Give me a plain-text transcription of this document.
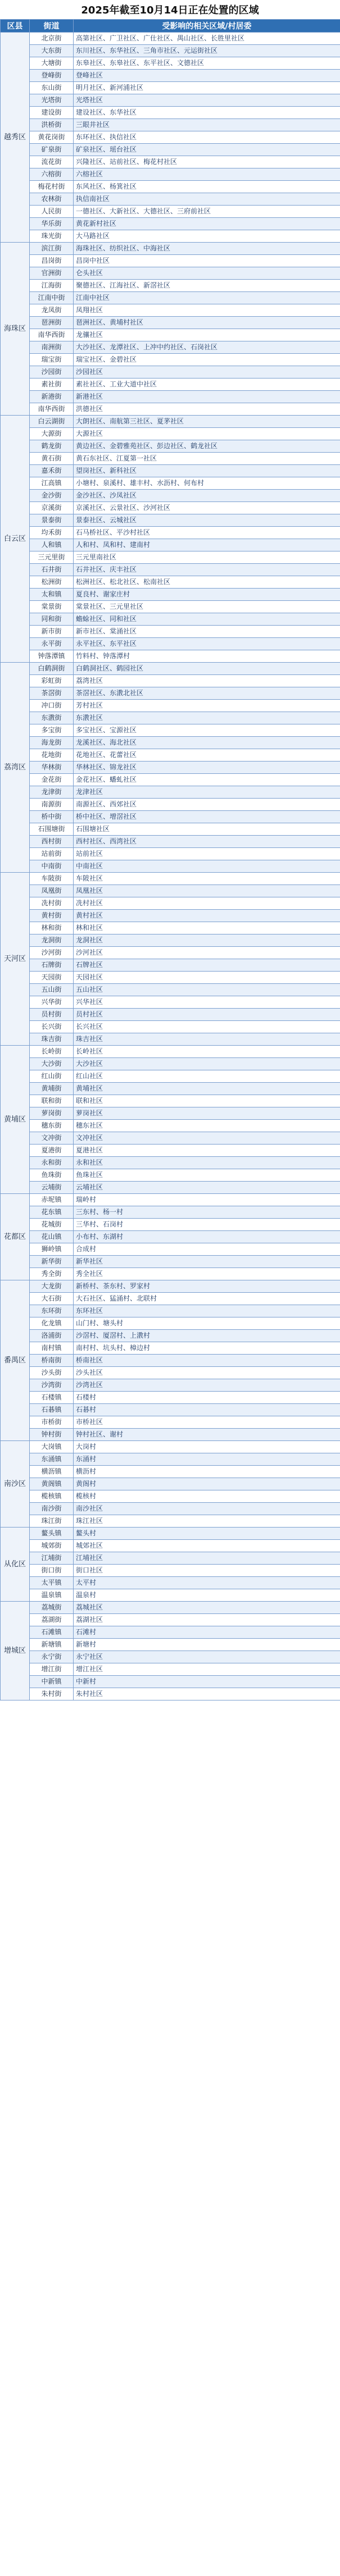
2025年截至10月14日正在处置的区域
区县	街道	受影响的相关区域/村居委
越秀区	北京街	高第社区、广卫社区、广仕社区、禺山社区、长胜里社区
	大东街	东川社区、东华社区、三角市社区、元运街社区
	大塘街	东皋社区、东皋社区、东平社区、文德社区
	登峰街	登峰社区
	东山街	明月社区、新河浦社区
	光塔街	光塔社区
	建设街	建设社区、东华社区
	洪桥街	三眼井社区
	黄花岗街	东环社区、执信社区
	矿泉街	矿泉社区、瑶台社区
	流花街	兴隆社区、站前社区、梅花村社区
	六榕街	六榕社区
	梅花村街	东风社区、杨箕社区
	农林街	执信南社区
	人民街	一德社区、大新社区、大德社区、三府前社区
	华乐街	黄花新村社区
	珠光街	大马路社区
海珠区	滨江街	海珠社区、纺织社区、中海社区
	昌岗街	昌岗中社区
	官洲街	仑头社区
	江海街	聚德社区、江海社区、新滘社区
	江南中街	江南中社区
	龙凤街	凤翔社区
	琶洲街	琶洲社区、黄埔村社区
	南华西街	龙骧社区
	南洲街	大沙社区、龙潭社区、上冲中约社区、石岗社区
	瑞宝街	瑞宝社区、金碧社区
	沙园街	沙园社区
	素社街	素社社区、工业大道中社区
	新港街	新港社区
	南华西街	洪德社区
白云区	白云湖街	大朗社区、南航第三社区、夏茅社区
	大源街	大源社区
	鹤龙街	黄边社区、金碧雅苑社区、彭边社区、鹤龙社区
	黄石街	黄石东社区、江夏第一社区
	嘉禾街	望岗社区、新科社区
	江高镇	小塘村、泉溪村、雄丰村、水沥村、何布村
	金沙街	金沙社区、沙凤社区
	京溪街	京溪社区、云景社区、沙河社区
	景泰街	景泰社区、云城社区
	均禾街	石马桥社区、平沙村社区
	人和镇	人和村、凤和村、建南村
	三元里街	三元里南社区
	石井街	石井社区、庆丰社区
	松洲街	松洲社区、松北社区、松南社区
	太和镇	夏良村、谢家庄村
	棠景街	棠景社区、三元里社区
	同和街	蟾蜍社区、同和社区
	新市街	新市社区、棠涌社区
	永平街	永平社区、东平社区
	钟落潭镇	竹料村、钟落潭村
荔湾区	白鹤洞街	白鹤洞社区、鹤园社区
	彩虹街	荔湾社区
	茶滘街	茶滘社区、东漖北社区
	冲口街	芳村社区
	东漖街	东漖社区
	多宝街	多宝社区、宝源社区
	海龙街	龙溪社区、海北社区
	花地街	花地社区、花蕾社区
	华林街	华林社区、锦龙社区
	金花街	金花社区、蟠虬社区
	龙津街	龙津社区
	南源街	南源社区、西郊社区
	桥中街	桥中社区、增滘社区
	石围塘街	石围塘社区
	西村街	西村社区、西湾社区
	站前街	站前社区
	中南街	中南社区
天河区	车陂街	车陂社区
	凤凰街	凤凰社区
	冼村街	冼村社区
	黄村街	黄村社区
	林和街	林和社区
	龙洞街	龙洞社区
	沙河街	沙河社区
	石牌街	石牌社区
	天园街	天园社区
	五山街	五山社区
	兴华街	兴华社区
	员村街	员村社区
	长兴街	长兴社区
	珠吉街	珠吉社区
黄埔区	长岭街	长岭社区
	大沙街	大沙社区
	红山街	红山社区
	黄埔街	黄埔社区
	联和街	联和社区
	萝岗街	萝岗社区
	穗东街	穗东社区
	文冲街	文冲社区
	夏港街	夏港社区
	永和街	永和社区
	鱼珠街	鱼珠社区
	云埔街	云埔社区
花都区	赤坭镇	瑞岭村
	花东镇	三东村、杨一村
	花城街	三华村、石岗村
	花山镇	小布村、东湖村
	狮岭镇	合成村
	新华街	新华社区
	秀全街	秀全社区
番禺区	大龙街	新桥村、茶东村、罗家村
	大石街	大石社区、猛涌村、北联村
	东环街	东环社区
	化龙镇	山门村、塘头村
	洛浦街	沙滘村、厦滘村、上漖村
	南村镇	南村村、坑头村、樟边村
	桥南街	桥南社区
	沙头街	沙头社区
	沙湾街	沙湾社区
	石楼镇	石楼村
	石碁镇	石碁村
	市桥街	市桥社区
	钟村街	钟村社区、谢村
南沙区	大岗镇	大岗村
	东涌镇	东涌村
	横沥镇	横沥村
	黄阁镇	黄阁村
	榄核镇	榄核村
	南沙街	南沙社区
	珠江街	珠江社区
从化区	鳌头镇	鳌头村
	城郊街	城郊社区
	江埔街	江埔社区
	街口街	街口社区
	太平镇	太平村
	温泉镇	温泉村
增城区	荔城街	荔城社区
	荔湖街	荔湖社区
	石滩镇	石滩村
	新塘镇	新塘村
	永宁街	永宁社区
	增江街	增江社区
	中新镇	中新村
	朱村街	朱村社区
